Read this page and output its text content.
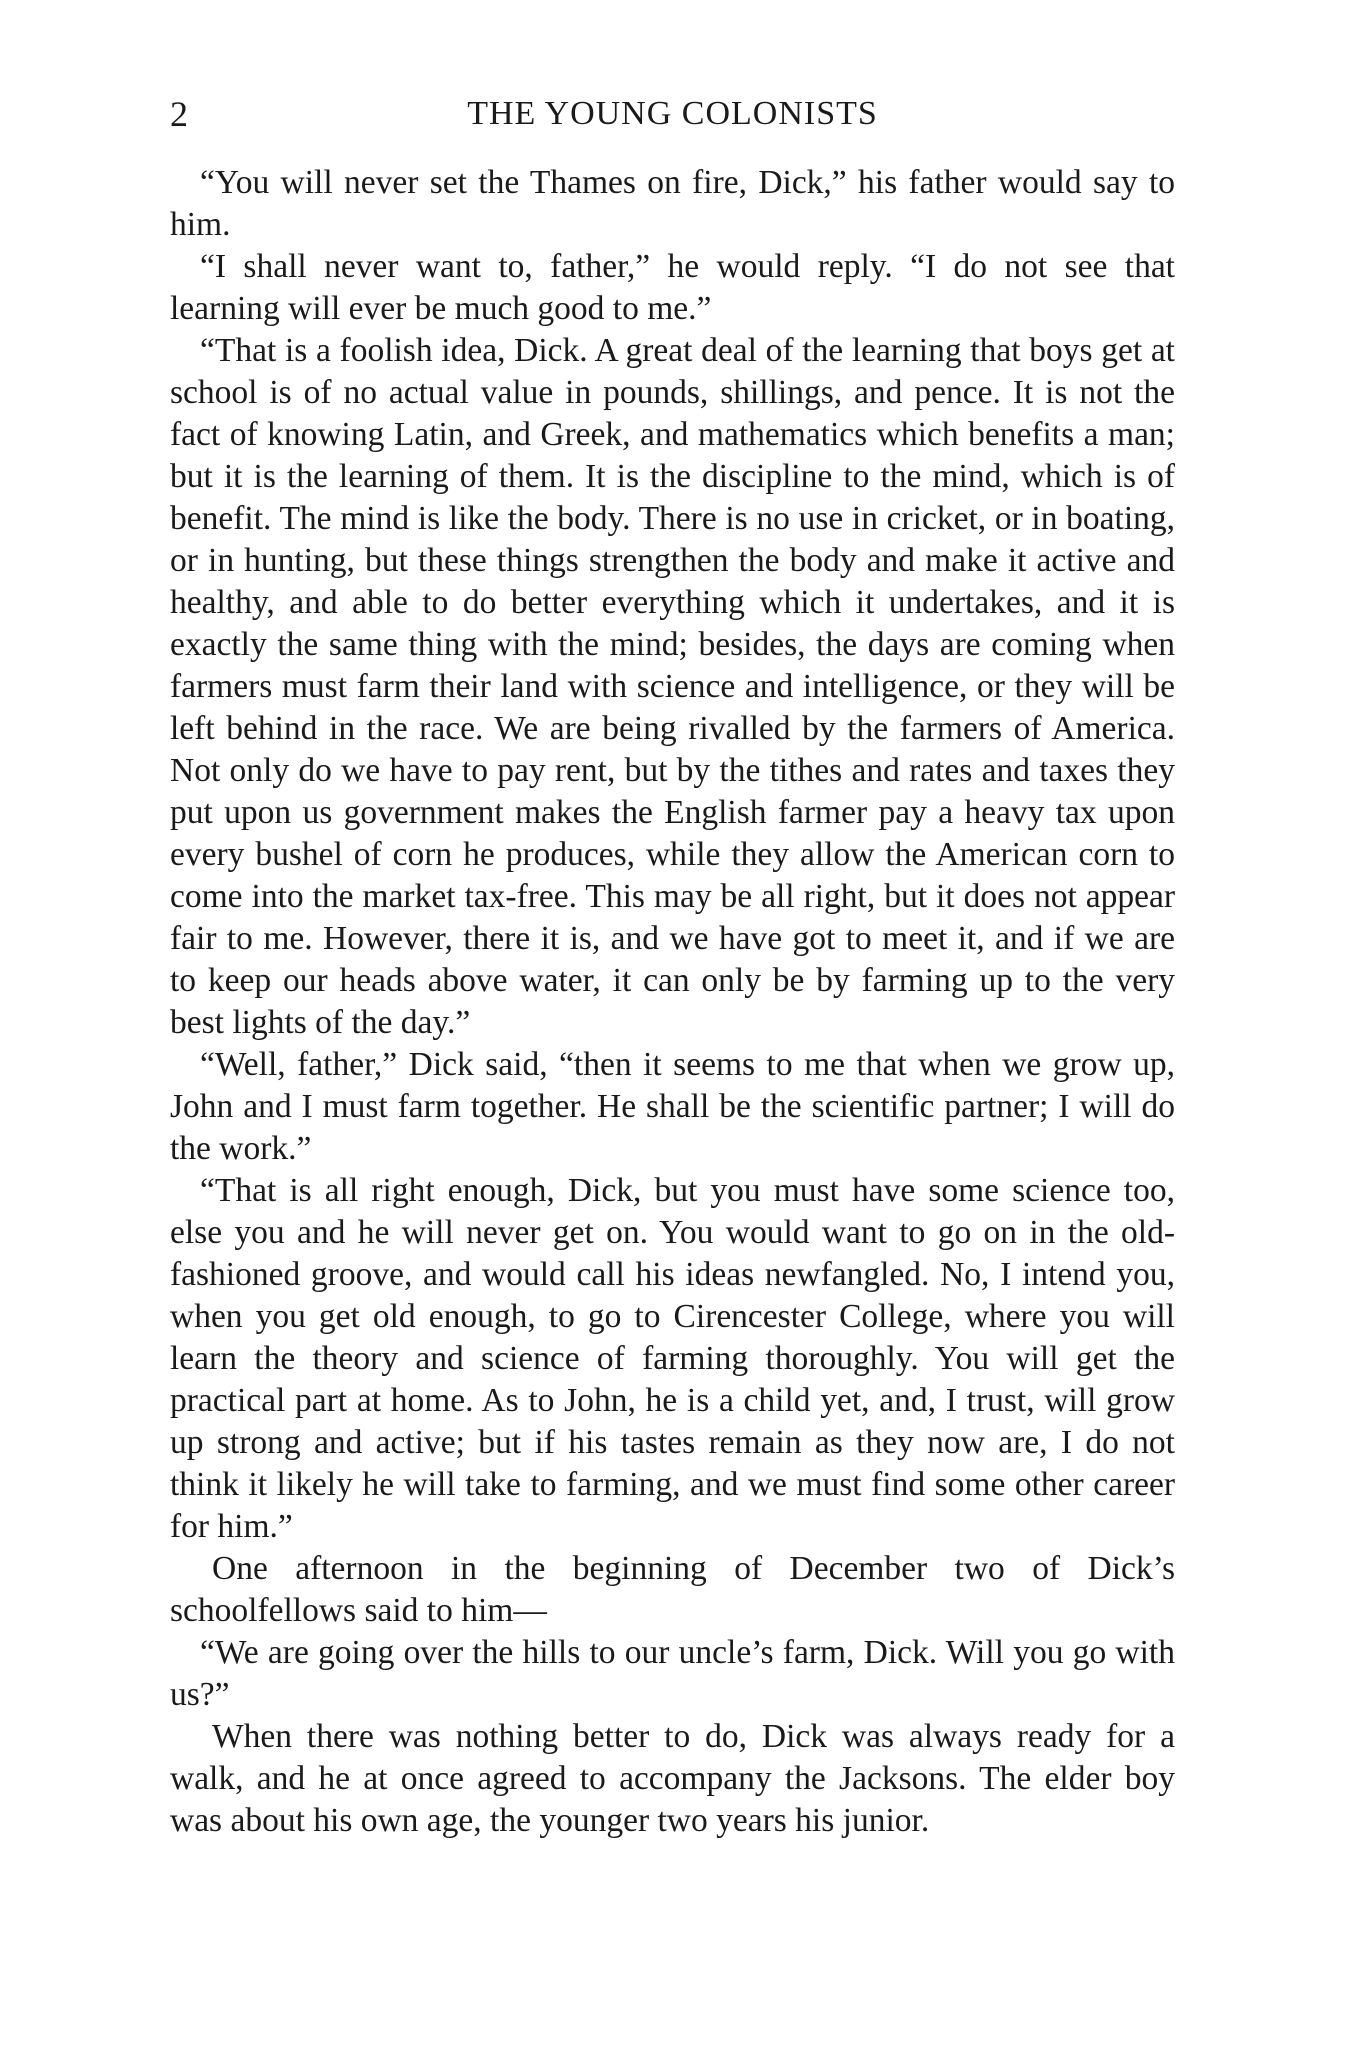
2	THE YOUNG COLONISTS

“You will never set the Thames on fire, Dick,” his father would say to him.

“I shall never want to, father,” he would reply. “I do not see that learning will ever be much good to me.”

“That is a foolish idea, Dick. A great deal of the learning that boys get at school is of no actual value in pounds, shillings, and pence. It is not the fact of knowing Latin, and Greek, and mathematics which benefits a man; but it is the learning of them. It is the discipline to the mind, which is of benefit. The mind is like the body. There is no use in cricket, or in boating, or in hunting, but these things strengthen the body and make it active and healthy, and able to do better everything which it undertakes, and it is exactly the same thing with the mind; besides, the days are coming when farmers must farm their land with science and intelligence, or they will be left behind in the race. We are being rivalled by the farmers of America. Not only do we have to pay rent, but by the tithes and rates and taxes they put upon us government makes the English farmer pay a heavy tax upon every bushel of corn he produces, while they allow the American corn to come into the market tax-free. This may be all right, but it does not appear fair to me. However, there it is, and we have got to meet it, and if we are to keep our heads above water, it can only be by farming up to the very best lights of the day.”

“Well, father,” Dick said, “then it seems to me that when we grow up, John and I must farm together. He shall be the scientific partner; I will do the work.”

“That is all right enough, Dick, but you must have some science too, else you and he will never get on. You would want to go on in the old-fashioned groove, and would call his ideas newfangled. No, I intend you, when you get old enough, to go to Cirencester College, where you will learn the theory and science of farming thoroughly. You will get the practical part at home. As to John, he is a child yet, and, I trust, will grow up strong and active; but if his tastes remain as they now are, I do not think it likely he will take to farming, and we must find some other career for him.”

One afternoon in the beginning of December two of Dick’s schoolfellows said to him—

“We are going over the hills to our uncle’s farm, Dick. Will you go with us?”

When there was nothing better to do, Dick was always ready for a walk, and he at once agreed to accompany the Jacksons. The elder boy was about his own age, the younger two years his junior.
